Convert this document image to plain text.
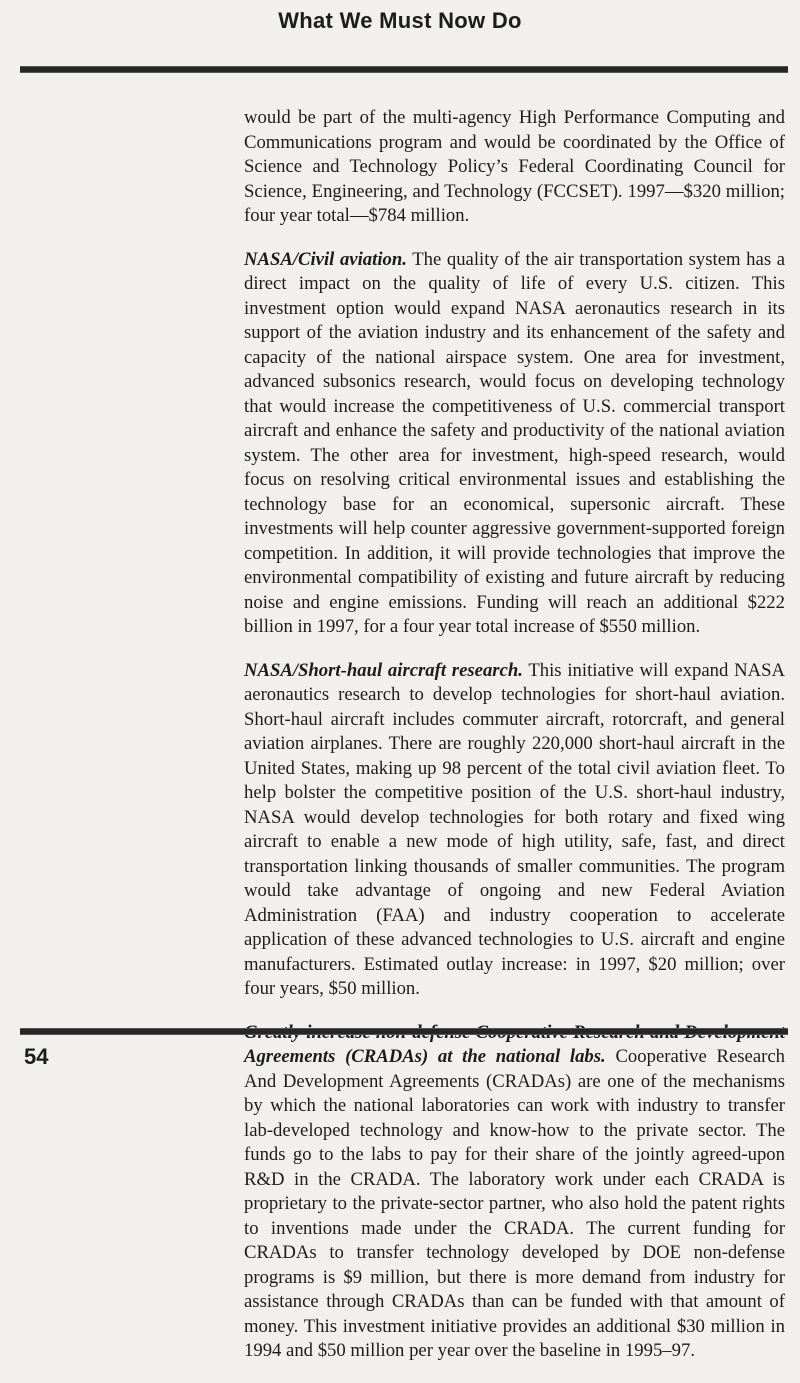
What We Must Now Do

would be part of the multi-agency High Performance Computing and Communications program and would be coordinated by the Office of Science and Technology Policy’s Federal Coordinating Council for Science, Engineering, and Technology (FCCSET). 1997—$320 million; four year total—$784 million.

NASA/Civil aviation. The quality of the air transportation system has a direct impact on the quality of life of every U.S. citizen. This investment option would expand NASA aeronautics research in its support of the aviation industry and its enhancement of the safety and capacity of the national airspace system. One area for investment, advanced subsonics research, would focus on developing technology that would increase the competitiveness of U.S. commercial transport aircraft and enhance the safety and productivity of the national aviation system. The other area for investment, high-speed research, would focus on resolving critical environmental issues and establishing the technology base for an economical, supersonic aircraft. These investments will help counter aggressive government-supported foreign competition. In addition, it will provide technologies that improve the environmental compatibility of existing and future aircraft by reducing noise and engine emissions. Funding will reach an additional $222 billion in 1997, for a four year total increase of $550 million.

NASA/Short-haul aircraft research. This initiative will expand NASA aeronautics research to develop technologies for short-haul aviation. Short-haul aircraft includes commuter aircraft, rotorcraft, and general aviation airplanes. There are roughly 220,000 short-haul aircraft in the United States, making up 98 percent of the total civil aviation fleet. To help bolster the competitive position of the U.S. short-haul industry, NASA would develop technologies for both rotary and fixed wing aircraft to enable a new mode of high utility, safe, fast, and direct transportation linking thousands of smaller communities. The program would take advantage of ongoing and new Federal Aviation Administration (FAA) and industry cooperation to accelerate application of these advanced technologies to U.S. aircraft and engine manufacturers. Estimated outlay increase: in 1997, $20 million; over four years, $50 million.

Agreements (CRADAs) at the national labs. Cooperative Research And Development Agreements (CRADAs) are one of the mechanisms by which the national laboratories can work with industry to transfer lab-developed technology and know-how to the private sector. The funds go to the labs to pay for their share of the jointly agreed-upon R&D in the CRADA. The laboratory work under each CRADA is proprietary to the private-sector partner, who also hold the patent rights to inventions made under the CRADA. The current funding for CRADAs to transfer technology developed by DOE non-defense programs is $9 million, but there is more demand from industry for assistance through CRADAs than can be funded with that amount of money. This investment initiative provides an additional $30 million in 1994 and $50 million per year over the baseline in 1995–97.

54
